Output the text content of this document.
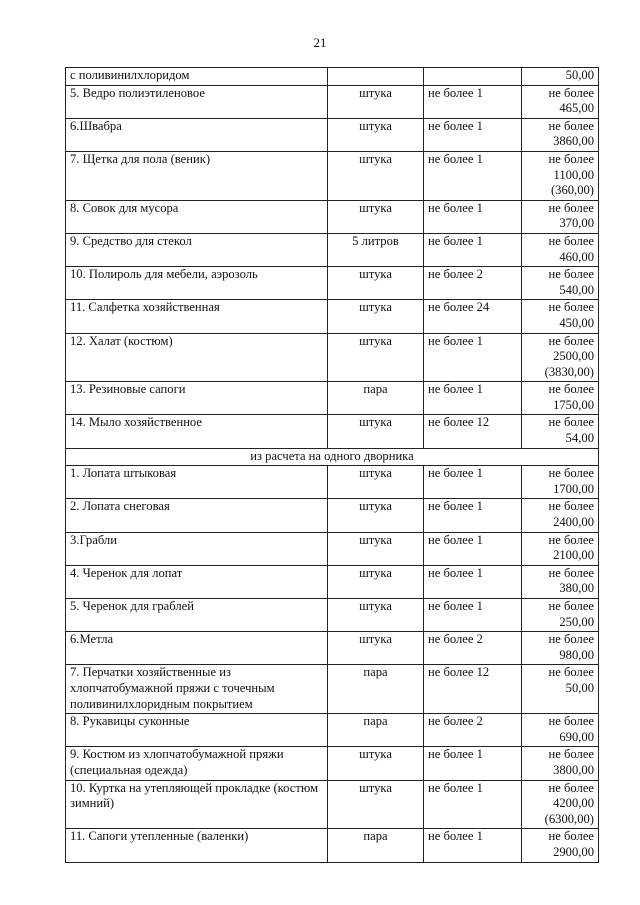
21
с поливинилхлоридом			50,00

5. Ведро полиэтиленовое	штука	не более 1	не более
465,00

6.Швабра	штука	не более 1	не более
3860,00

7. Щетка для пола (веник)	штука	не более 1	не более
1100,00
(360,00)

8. Совок для мусора	штука	не более 1	не более
370,00

9. Средство для стекол	5 литров	не более 1	не более
460,00

10. Полироль для мебели, аэрозоль	штука	не более 2	не более
540,00

11. Салфетка хозяйственная	штука	не более 24	не более
450,00

12. Халат (костюм)	штука	не более 1	не более
2500,00
(3830,00)

13. Резиновые сапоги	пара	не более 1	не более
1750,00

14. Мыло хозяйственное	штука	не более 12	не более
54,00

из расчета на одного дворника			
1. Лопата штыковая	штука	не более 1	не более
1700,00

2. Лопата снеговая	штука	не более 1	не более
2400,00

3.Грабли	штука	не более 1	не более
2100,00

4. Черенок для лопат	штука	не более 1	не более
380,00

5. Черенок для граблей	штука	не более 1	не более
250,00

6.Метла	штука	не более 2	не более
980,00

7. Перчатки хозяйственные из хлопчатобумажной пряжи с точечным поливинилхлоридным покрытием	пара	не более 12	не более
50,00

8. Рукавицы суконные	пара	не более 2	не более
690,00

9. Костюм из хлопчатобумажной пряжи (специальная одежда)	штука	не более 1	не более
3800,00

10. Куртка на утепляющей прокладке (костюм зимний)	штука	не более 1	не более
4200,00
(6300,00)

11. Сапоги утепленные (валенки)	пара	не более 1	не более
2900,00
